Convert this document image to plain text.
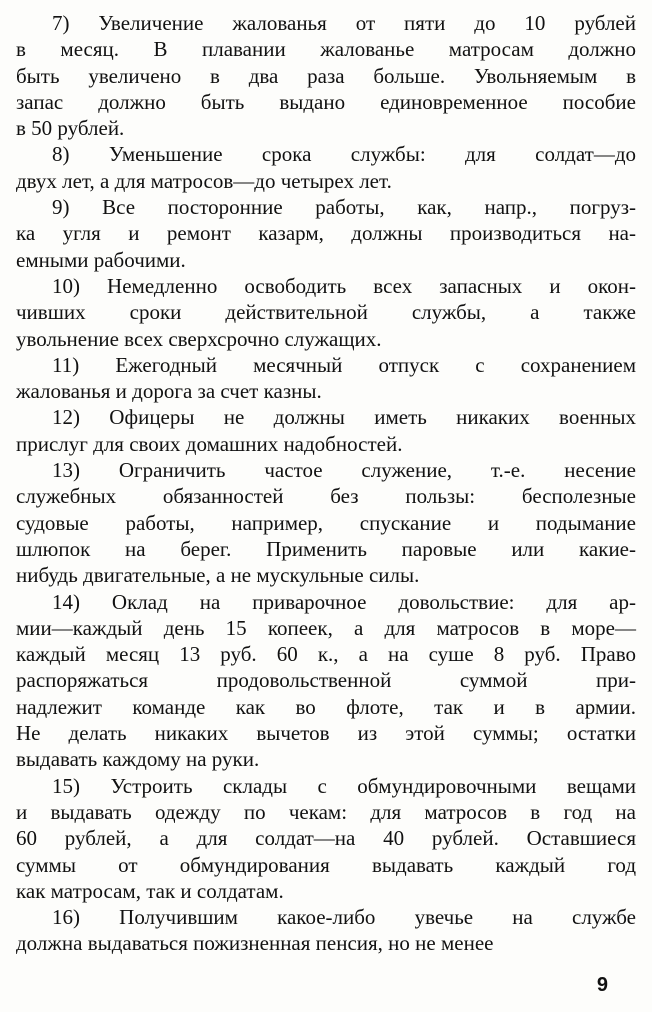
7) Увеличение жалованья от пяти до 10 рублей
в месяц. В плавании жалованье матросам должно
быть увеличено в два раза больше. Увольняемым в
запас должно быть выдано единовременное пособие
в 50 рублей.

8) Уменьшение срока службы: для солдат—до
двух лет, а для матросов—до четырех лет.

9) Все посторонние работы, как, напр., погруз-
ка угля и ремонт казарм, должны производиться на-
емными рабочими.

10) Немедленно освободить всех запасных и окон-
чивших сроки действительной службы, а также
увольнение всех сверхсрочно служащих.

11) Ежегодный месячный отпуск с сохранением
жалованья и дорога за счет казны.

12) Офицеры не должны иметь никаких военных
прислуг для своих домашних надобностей.

13) Ограничить частое служение, т.-е. несение
служебных обязанностей без пользы: бесполезные
судовые работы, например, спускание и подымание
шлюпок на берег. Применить паровые или какие-
нибудь двигательные, а не мускульные силы.

14) Оклад на приварочное довольствие: для ар-
мии—каждый день 15 копеек, а для матросов в море—
каждый месяц 13 руб. 60 к., а на суше 8 руб. Право
распоряжаться продовольственной суммой при-
надлежит команде как во флоте, так и в армии.
Не делать никаких вычетов из этой суммы; остатки
выдавать каждому на руки.

15) Устроить склады с обмундировочными вещами
и выдавать одежду по чекам: для матросов в год на
60 рублей, а для солдат—на 40 рублей. Оставшиеся
суммы от обмундирования выдавать каждый год
как матросам, так и солдатам.

16) Получившим какое-либо увечье на службе
должна выдаваться пожизненная пенсия, но не менее

9
